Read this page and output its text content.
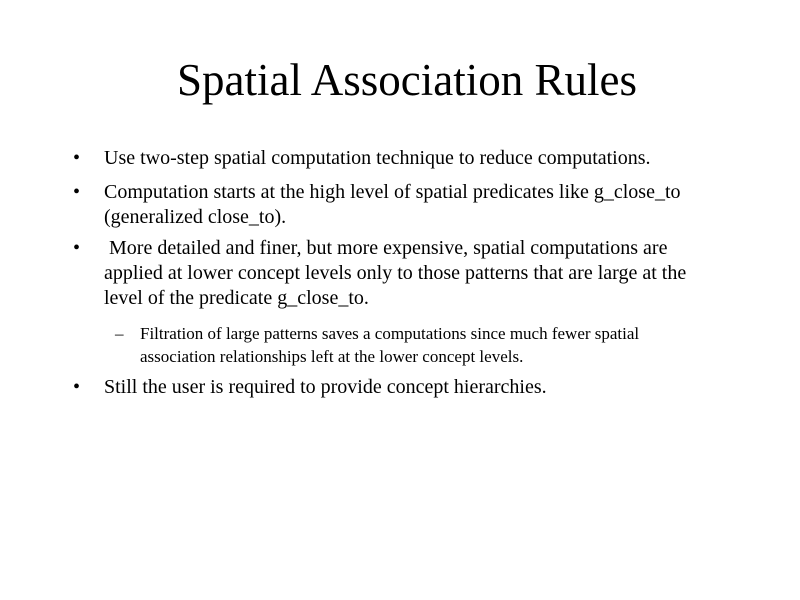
Spatial Association Rules
•	Use two-step spatial computation technique to reduce computations.
•	Computation starts at the high level of spatial predicates like g_close_to
(generalized close_to).
•	More detailed and finer, but more expensive, spatial computations are
applied at lower concept levels only to those patterns that are large at the
level of the predicate g_close_to.
– Filtration of large patterns saves a computations since much fewer spatial
association relationships left at the lower concept levels.
•	Still the user is required to provide concept hierarchies.
